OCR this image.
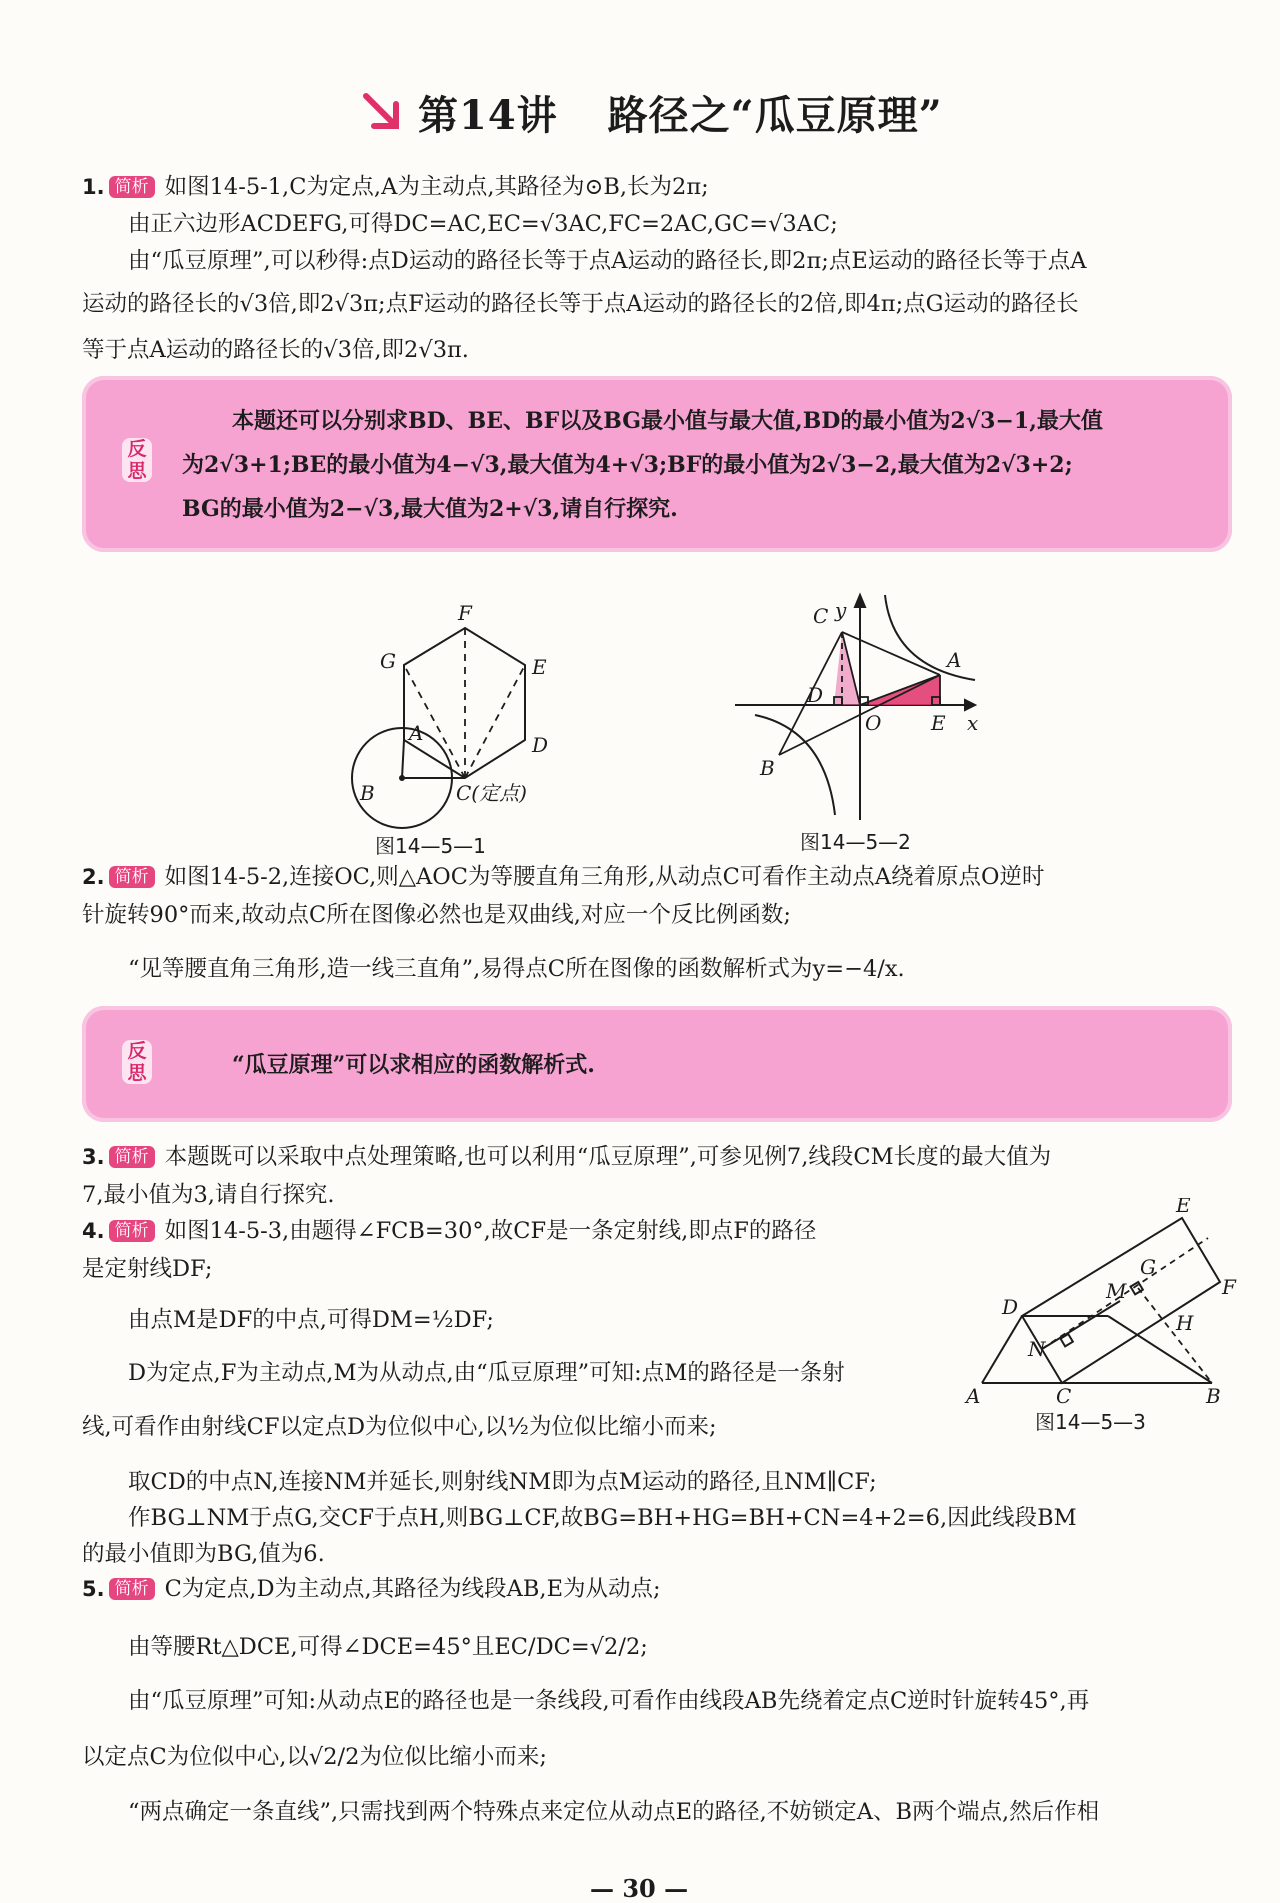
第14讲 路径之“瓜豆原理”
1. 简析 如图14-5-1,C为定点,A为主动点,其路径为⊙B,长为2π;
由正六边形ACDEFG,可得DC=AC,EC=√3AC,FC=2AC,GC=√3AC;
由“瓜豆原理”,可以秒得:点D运动的路径长等于点A运动的路径长,即2π;点E运动的路径长等于点A
运动的路径长的√3倍,即2√3π;点F运动的路径长等于点A运动的路径长的2倍,即4π;点G运动的路径长
等于点A运动的路径长的√3倍,即2√3π.
反
思
本题还可以分别求BD、BE、BF以及BG最小值与最大值,BD的最小值为2√3−1,最大值
为2√3+1;BE的最小值为4−√3,最大值为4+√3;BF的最小值为2√3−2,最大值为2√3+2;
BG的最小值为2−√3,最大值为2+√3,请自行探究.
F
G	E
A	D
B	C(定点)
图14—5—1
y
x
C
A
D
O E
B
图14—5—2
2. 简析 如图14-5-2,连接OC,则△AOC为等腰直角三角形,从动点C可看作主动点A绕着原点O逆时
针旋转90°而来,故动点C所在图像必然也是双曲线,对应一个反比例函数;
“见等腰直角三角形,造一线三直角”,易得点C所在图像的函数解析式为y=−4/x.
反
思	“瓜豆原理”可以求相应的函数解析式.
3. 简析 本题既可以采取中点处理策略,也可以利用“瓜豆原理”,可参见例7,线段CM长度的最大值为
7,最小值为3,请自行探究.
4. 简析 如图14-5-3,由题得∠FCB=30°,故CF是一条定射线,即点F的路径
是定射线DF;
由点M是DF的中点,可得DM=½DF;
D为定点,F为主动点,M为从动点,由“瓜豆原理”可知:点M的路径是一条射
线,可看作由射线CF以定点D为位似中心,以½为位似比缩小而来;
E
D
M
G
F
H
N
A	C	B
图14—5—3
取CD的中点N,连接NM并延长,则射线NM即为点M运动的路径,且NM∥CF;
作BG⊥NM于点G,交CF于点H,则BG⊥CF,故BG=BH+HG=BH+CN=4+2=6,因此线段BM
的最小值即为BG,值为6.
5. 简析 C为定点,D为主动点,其路径为线段AB,E为从动点;
由等腰Rt△DCE,可得∠DCE=45°且EC/DC=√2/2;
由“瓜豆原理”可知:从动点E的路径也是一条线段,可看作由线段AB先绕着定点C逆时针旋转45°,再
以定点C为位似中心,以√2/2为位似比缩小而来;
“两点确定一条直线”,只需找到两个特殊点来定位从动点E的路径,不妨锁定A、B两个端点,然后作相
— 30 —
